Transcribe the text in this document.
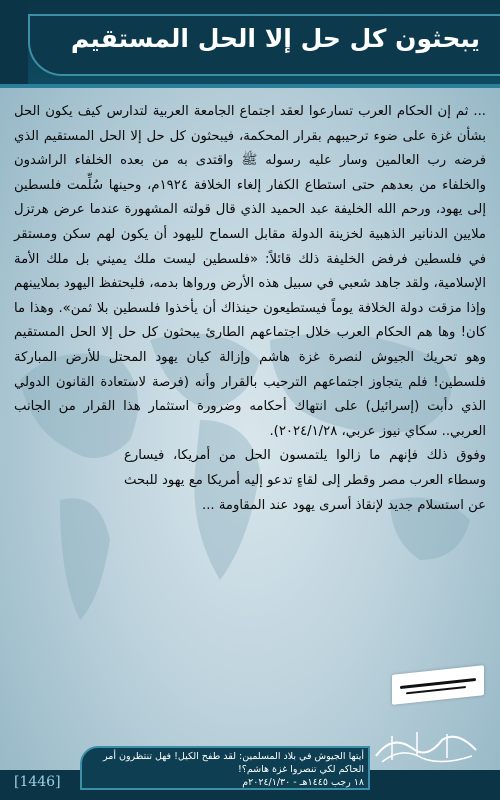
يبحثون كل حل إلا الحل المستقيم

... ثم إن الحكام العرب تسارعوا لعقد اجتماع الجامعة العربية لتدارس كيف يكون الحل بشأن غزة على ضوء ترحيبهم بقرار المحكمة، فيبحثون كل حل إلا الحل المستقيم الذي فرضه رب العالمين وسار عليه رسوله ﷺ واقتدى به من بعده الخلفاء الراشدون والخلفاء من بعدهم حتى استطاع الكفار إلغاء الخلافة ١٩٢٤م، وحينها سُلِّمت فلسطين إلى يهود، ورحم الله الخليفة عبد الحميد الذي قال قولته المشهورة عندما عرض هرتزل ملايين الدنانير الذهبية لخزينة الدولة مقابل السماح لليهود أن يكون لهم سكن ومستقر في فلسطين فرفض الخليفة ذلك قائلاً: «فلسطين ليست ملك يميني بل ملك الأمة الإسلامية، ولقد جاهد شعبي في سبيل هذه الأرض ورواها بدمه، فليحتفظ اليهود بملايينهم وإذا مزقت دولة الخلافة يوماً فيستطيعون حينذاك أن يأخذوا فلسطين بلا ثمن». وهذا ما كان! وها هم الحكام العرب خلال اجتماعهم الطارئ يبحثون كل حل إلا الحل المستقيم وهو تحريك الجيوش لنصرة غزة هاشم وإزالة كيان يهود المحتل للأرض المباركة فلسطين! فلم يتجاوز اجتماعهم الترحيب بالقرار وأنه (فرصة لاستعادة القانون الدولي الذي دأبت (إسرائيل) على انتهاك أحكامه وضرورة استثمار هذا القرار من الجانب العربي.. سكاي نيوز عربي، ٢٠٢٤/١/٢٨).

وفوق ذلك فإنهم ما زالوا يلتمسون الحل من أمريكا، فيسارع وسطاء العرب مصر وقطر إلى لقاءٍ تدعو إليه أمريكا مع يهود للبحث عن استسلام جديد لإنقاذ أسرى يهود عند المقاومة ...

أيتها الجيوش في بلاد المسلمين: لقد طفح الكيل! فهل تنتظرون أمر الحاكم لكي تنصروا غزة هاشم؟!
١٨ رجب ١٤٤٥هـ - ٢٠٢٤/١/٣٠م
[1446]
